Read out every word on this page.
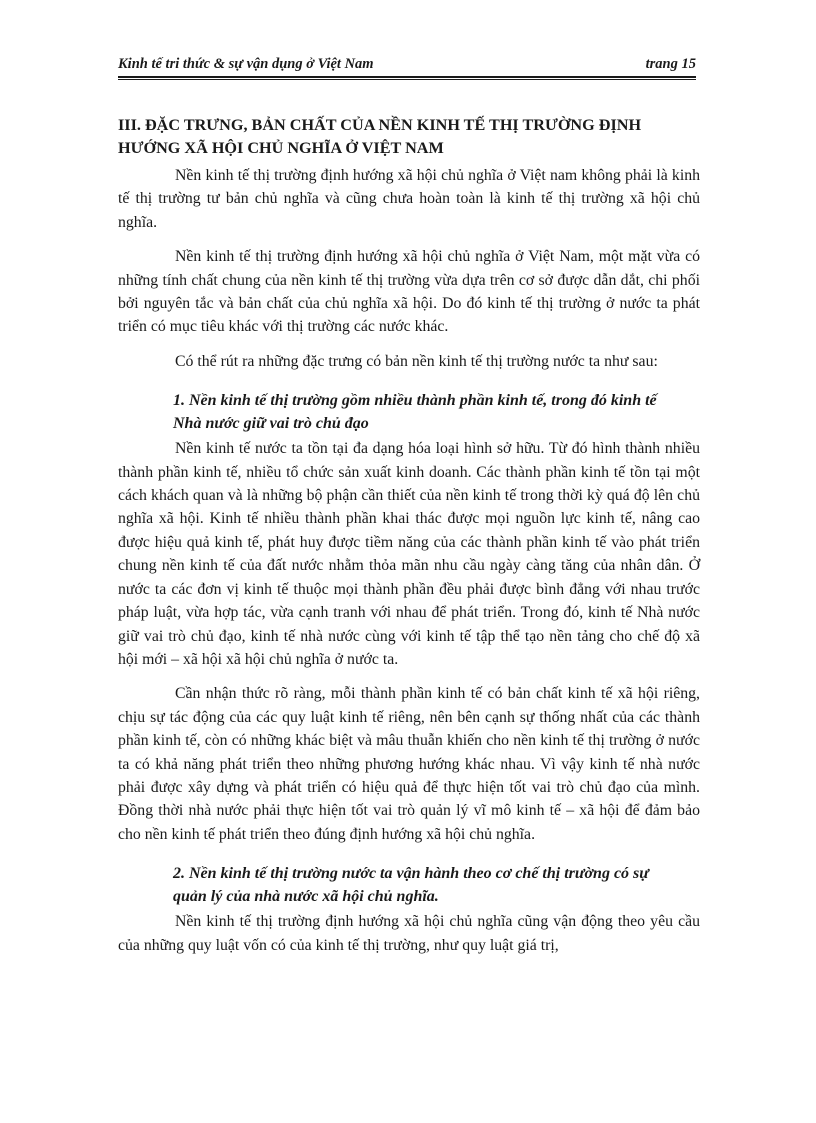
Kinh tế tri thức & sự vận dụng ở Việt Nam	trang 15
III. ĐẶC TRƯNG, BẢN CHẤT CỦA NỀN KINH TẾ THỊ TRƯỜNG ĐỊNH
HƯỚNG XÃ HỘI CHỦ NGHĨA Ở VIỆT NAM

Nền kinh tế thị trường định hướng xã hội chủ nghĩa ở Việt nam không phải là kinh tế thị trường tư bản chủ nghĩa và cũng chưa hoàn toàn là kinh tế thị trường xã hội chủ nghĩa.

Nền kinh tế thị trường định hướng xã hội chủ nghĩa ở Việt Nam, một mặt vừa có những tính chất chung của nền kinh tế thị trường vừa dựa trên cơ sở được dẫn dắt, chi phối bởi nguyên tắc và bản chất của chủ nghĩa xã hội. Do đó kinh tế thị trường ở nước ta phát triển có mục tiêu khác với thị trường các nước khác.

Có thể rút ra những đặc trưng có bản nền kinh tế thị trường nước ta như sau:

1. Nền kinh tế thị trường gồm nhiều thành phần kinh tế, trong đó kinh tế
Nhà nước giữ vai trò chủ đạo

Nền kinh tế nước ta tồn tại đa dạng hóa loại hình sở hữu. Từ đó hình thành nhiều thành phần kinh tế, nhiều tổ chức sản xuất kinh doanh. Các thành phần kinh tế tồn tại một cách khách quan và là những bộ phận cần thiết của nền kinh tế trong thời kỳ quá độ lên chủ nghĩa xã hội. Kinh tế nhiều thành phần khai thác được mọi nguồn lực kinh tế, nâng cao được hiệu quả kinh tế, phát huy được tiềm năng của các thành phần kinh tế vào phát triển chung nền kinh tế của đất nước nhằm thỏa mãn nhu cầu ngày càng tăng của nhân dân. Ở nước ta các đơn vị kinh tế thuộc mọi thành phần đều phải được bình đẳng với nhau trước pháp luật, vừa hợp tác, vừa cạnh tranh với nhau để phát triển. Trong đó, kinh tế Nhà nước giữ vai trò chủ đạo, kinh tế nhà nước cùng với kinh tế tập thể tạo nền tảng cho chế độ xã hội mới – xã hội xã hội chủ nghĩa ở nước ta.

Cần nhận thức rõ ràng, mỗi thành phần kinh tế có bản chất kinh tế xã hội riêng, chịu sự tác động của các quy luật kinh tế riêng, nên bên cạnh sự thống nhất của các thành phần kinh tế, còn có những khác biệt và mâu thuẫn khiến cho nền kinh tế thị trường ở nước ta có khả năng phát triển theo những phương hướng khác nhau. Vì vậy kinh tế nhà nước phải được xây dựng và phát triển có hiệu quả để thực hiện tốt vai trò chủ đạo của mình. Đồng thời nhà nước phải thực hiện tốt vai trò quản lý vĩ mô kinh tế – xã hội để đảm bảo cho nền kinh tế phát triển theo đúng định hướng xã hội chủ nghĩa.

2. Nền kinh tế thị trường nước ta vận hành theo cơ chế thị trường có sự
quản lý của nhà nước xã hội chủ nghĩa.

Nền kinh tế thị trường định hướng xã hội chủ nghĩa cũng vận động theo yêu cầu của những quy luật vốn có của kinh tế thị trường, như quy luật giá trị,
